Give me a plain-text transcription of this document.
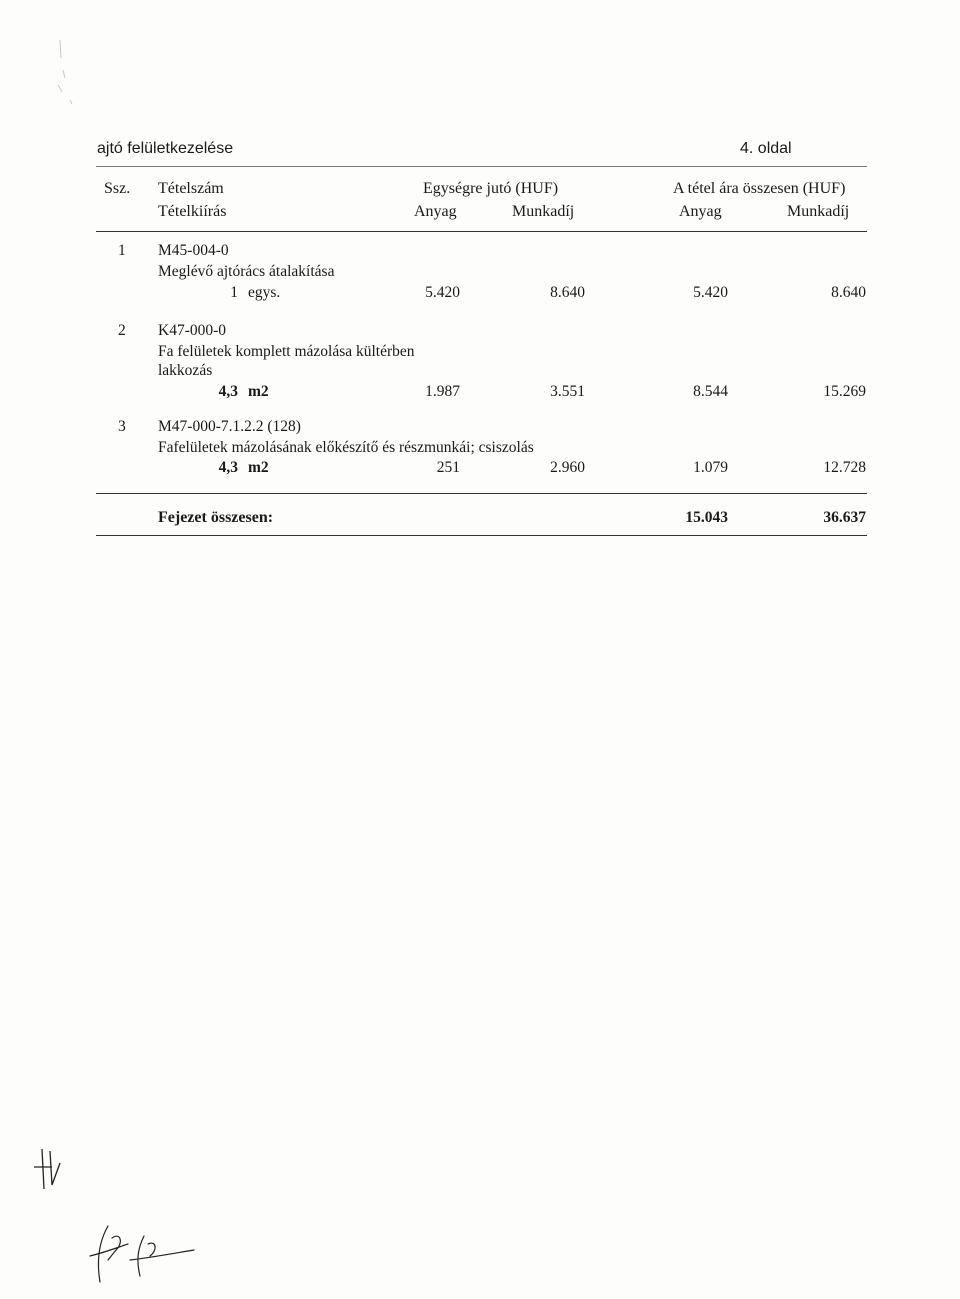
ajtó felületkezelése	4. oldal
Ssz. Tételszám
Tételkiírás
Egységre jutó (HUF)
Anyag	Munkadíj
A tétel ára összesen (HUF)
Anyag	Munkadíj
1 M45-004-0
Meglévő ajtórács átalakítása
1 egys.	5.420	8.640	5.420	8.640
2 K47-000-0
Fa felületek komplett mázolása kültérben
lakkozás
4,3 m2	1.987	3.551	8.544	15.269
3 M47-000-7.1.2.2 (128)
Fafelületek mázolásának előkészítő és részmunkái; csiszolás
4,3 m2	251	2.960	1.079	12.728
Fejezet összesen:	15.043	36.637
